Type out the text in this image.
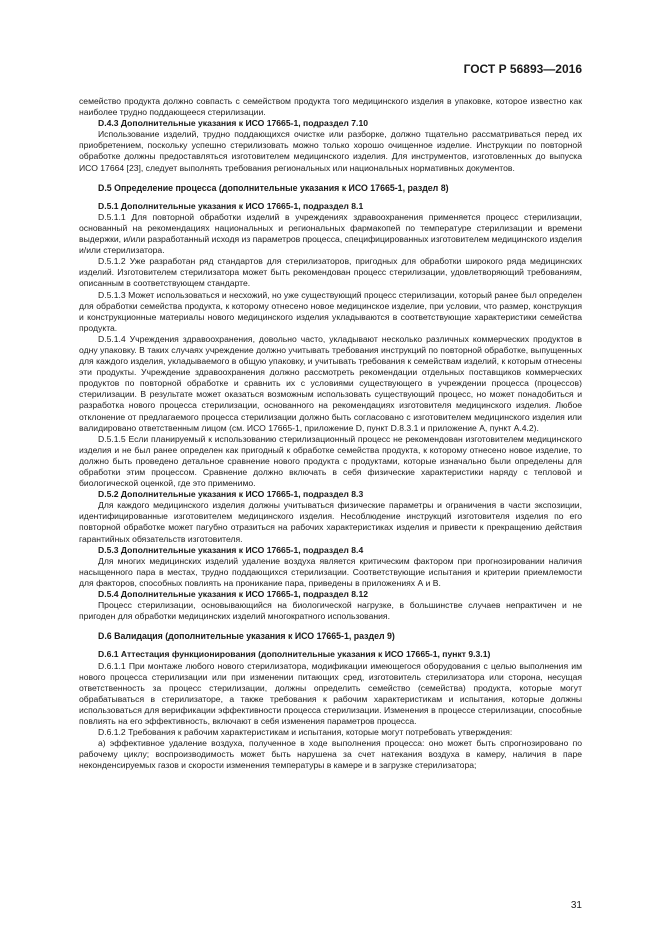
ГОСТ Р 56893—2016

семейство продукта должно совпасть с семейством продукта того медицинского изделия в упаковке, которое известно как наиболее трудно поддающееся стерилизации.

D.4.3 Дополнительные указания к ИСО 17665-1, подраздел 7.10

Использование изделий, трудно поддающихся очистке или разборке, должно тщательно рассматриваться перед их приобретением, поскольку успешно стерилизовать можно только хорошо очищенное изделие. Инструкции по повторной обработке должны предоставляться изготовителем медицинского изделия. Для инструментов, изготовленных до выпуска ИСО 17664 [23], следует выполнять требования региональных или национальных нормативных документов.

D.5 Определение процесса (дополнительные указания к ИСО 17665-1, раздел 8)
D.5.1 Дополнительные указания к ИСО 17665-1, подраздел 8.1

D.5.1.1 Для повторной обработки изделий в учреждениях здравоохранения применяется процесс стерилизации, основанный на рекомендациях национальных и региональных фармакопей по температуре стерилизации и времени выдержки, и/или разработанный исходя из параметров процесса, специфицированных изготовителем медицинского изделия и/или стерилизатора.

D.5.1.2 Уже разработан ряд стандартов для стерилизаторов, пригодных для обработки широкого ряда медицинских изделий. Изготовителем стерилизатора может быть рекомендован процесс стерилизации, удовлетворяющий требованиям, описанным в соответствующем стандарте.

D.5.1.3 Может использоваться и несхожий, но уже существующий процесс стерилизации, который ранее был определен для обработки семейства продукта, к которому отнесено новое медицинское изделие, при условии, что размер, конструкция и конструкционные материалы нового медицинского изделия укладываются в соответствующие характеристики семейства продукта.

D.5.1.4 Учреждения здравоохранения, довольно часто, укладывают несколько различных коммерческих продуктов в одну упаковку. В таких случаях учреждение должно учитывать требования инструкций по повторной обработке, выпущенных для каждого изделия, укладываемого в общую упаковку, и учитывать требования к семействам изделий, к которым отнесены эти продукты. Учреждение здравоохранения должно рассмотреть рекомендации отдельных поставщиков коммерческих продуктов по повторной обработке и сравнить их с условиями существующего в учреждении процесса (процессов) стерилизации. В результате может оказаться возможным использовать существующий процесс, но может понадобиться и разработка нового процесса стерилизации, основанного на рекомендациях изготовителя медицинского изделия. Любое отклонение от предлагаемого процесса стерилизации должно быть согласовано с изготовителем медицинского изделия или валидировано ответственным лицом (см. ИСО 17665-1, приложение D, пункт D.8.3.1 и приложение А, пункт А.4.2).

D.5.1.5 Если планируемый к использованию стерилизационный процесс не рекомендован изготовителем медицинского изделия и не был ранее определен как пригодный к обработке семейства продукта, к которому отнесено новое изделие, то должно быть проведено детальное сравнение нового продукта с продуктами, которые изначально были определены для обработки этим процессом. Сравнение должно включать в себя физические характеристики наряду с тепловой и биологической оценкой, где это применимо.

D.5.2 Дополнительные указания к ИСО 17665-1, подраздел 8.3

Для каждого медицинского изделия должны учитываться физические параметры и ограничения в части экспозиции, идентифицированные изготовителем медицинского изделия. Несоблюдение инструкций изготовителя изделия по его повторной обработке может пагубно отразиться на рабочих характеристиках изделия и привести к прекращению действия гарантийных обязательств изготовителя.

D.5.3 Дополнительные указания к ИСО 17665-1, подраздел 8.4

Для многих медицинских изделий удаление воздуха является критическим фактором при прогнозировании наличия насыщенного пара в местах, трудно поддающихся стерилизации. Соответствующие испытания и критерии приемлемости для факторов, способных повлиять на проникание пара, приведены в приложениях А и В.

D.5.4 Дополнительные указания к ИСО 17665-1, подраздел 8.12

Процесс стерилизации, основывающийся на биологической нагрузке, в большинстве случаев непрактичен и не пригоден для обработки медицинских изделий многократного использования.

D.6 Валидация (дополнительные указания к ИСО 17665-1, раздел 9)
D.6.1 Аттестация функционирования (дополнительные указания к ИСО 17665-1, пункт 9.3.1)

D.6.1.1 При монтаже любого нового стерилизатора, модификации имеющегося оборудования с целью выполнения им нового процесса стерилизации или при изменении питающих сред, изготовитель стерилизатора или сторона, несущая ответственность за процесс стерилизации, должны определить семейство (семейства) продукта, которые могут обрабатываться в стерилизаторе, а также требования к рабочим характеристикам и испытания, которые должны использоваться для верификации эффективности процесса стерилизации. Изменения в процессе стерилизации, способные повлиять на его эффективность, включают в себя изменения параметров процесса.

D.6.1.2 Требования к рабочим характеристикам и испытания, которые могут потребовать утверждения:

а) эффективное удаление воздуха, полученное в ходе выполнения процесса: оно может быть спрогнозировано по рабочему циклу; воспроизводимость может быть нарушена за счет натекания воздуха в камеру, наличия в паре неконденсируемых газов и скорости изменения температуры в камере и в загрузке стерилизатора;

31
